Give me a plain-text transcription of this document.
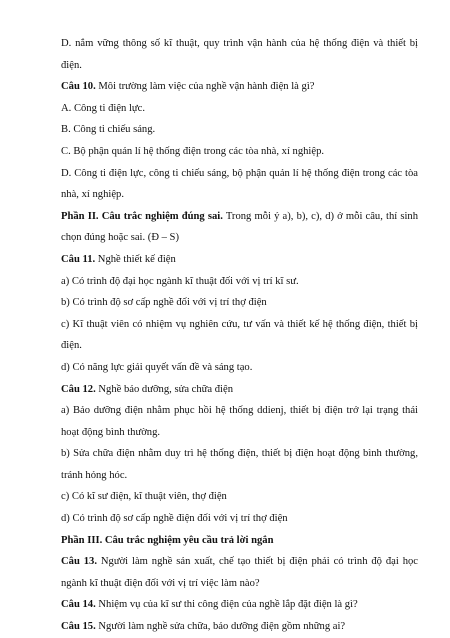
D. nắm vững thông số kĩ thuật, quy trình vận hành của hệ thống điện và thiết bị
điện.
Câu 10. Môi trường làm việc của nghề vận hành điện là gì?
A. Công ti điện lực.
B. Công ti chiếu sáng.
C. Bộ phận quản lí hệ thống điện trong các tòa nhà, xí nghiệp.
D. Công ti điện lực, công ti chiếu sáng, bộ phận quản lí hệ thống điện trong các tòa
nhà, xí nghiệp.
Phần II. Câu trắc nghiệm đúng sai. Trong mỗi ý a), b), c), d) ở mỗi câu, thí sinh
chọn đúng hoặc sai. (Đ – S)
Câu 11. Nghề thiết kế điện
a) Có trình độ đại học ngành kĩ thuật đối với vị trí kĩ sư.
b) Có trình độ sơ cấp nghề đối với vị trí thợ điện
c) Kĩ thuật viên có nhiệm vụ nghiên cứu, tư vấn và thiết kế hệ thống điện, thiết bị
điện.
d) Có năng lực giải quyết vấn đề và sáng tạo.
Câu 12. Nghề bảo dưỡng, sửa chữa điện
a) Bảo dưỡng điện nhằm phục hồi hệ thống ddienj, thiết bị điện trở lại trạng thái
hoạt động bình thường.
b) Sửa chữa điện nhằm duy trì hệ thống điện, thiết bị điện hoạt động bình thường,
tránh hỏng hóc.
c) Có kĩ sư điện, kĩ thuật viên, thợ điện
d) Có trình độ sơ cấp nghề điện đối với vị trí thợ điện
Phần III. Câu trắc nghiệm yêu cầu trả lời ngắn
Câu 13. Người làm nghề sản xuất, chế tạo thiết bị điện phải có trình độ đại học
ngành kĩ thuật điện đối với vị trí việc làm nào?
Câu 14. Nhiệm vụ của kĩ sư thi công điện của nghề lắp đặt điện là gì?
Câu 15. Người làm nghề sửa chữa, bảo dưỡng điện gồm những ai?
